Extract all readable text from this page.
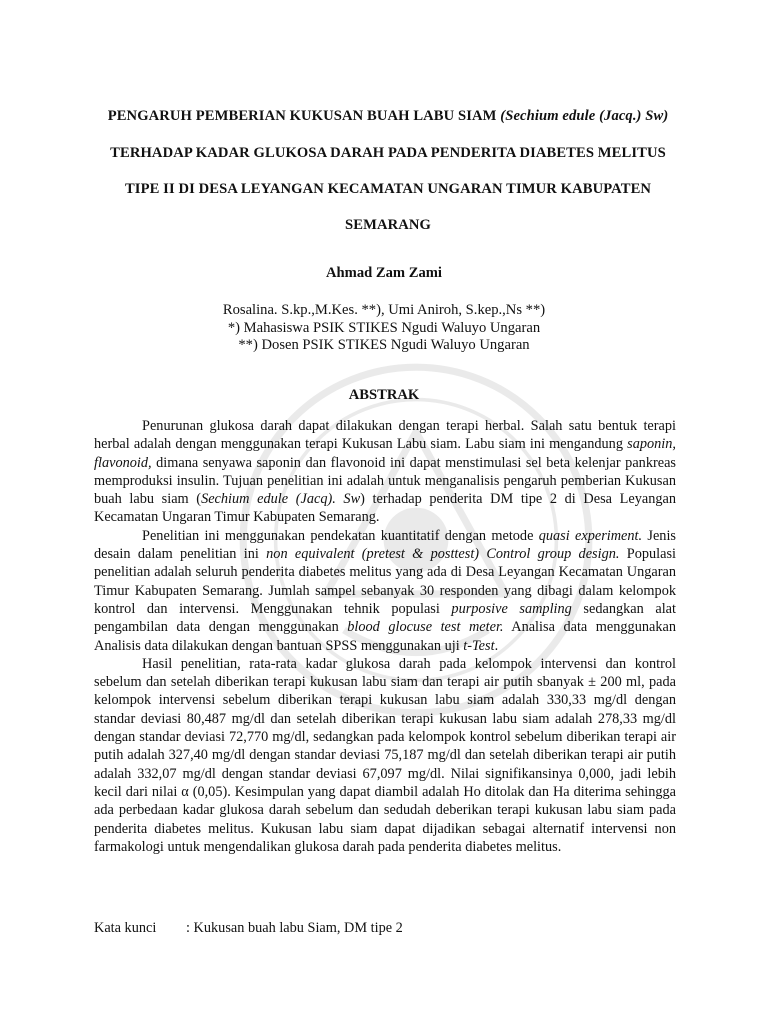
PENGARUH PEMBERIAN KUKUSAN BUAH LABU SIAM (Sechium edule (Jacq.) Sw)
TERHADAP KADAR GLUKOSA DARAH PADA PENDERITA DIABETES MELITUS
TIPE II DI DESA LEYANGAN KECAMATAN UNGARAN TIMUR KABUPATEN
SEMARANG
Ahmad Zam Zami
Rosalina. S.kp.,M.Kes. **), Umi Aniroh, S.kep.,Ns **)
*) Mahasiswa PSIK STIKES Ngudi Waluyo Ungaran
**) Dosen PSIK STIKES Ngudi Waluyo Ungaran
ABSTRAK

Penurunan glukosa darah dapat dilakukan dengan terapi herbal. Salah satu bentuk terapi herbal adalah dengan menggunakan terapi Kukusan Labu siam. Labu siam ini mengandung saponin, flavonoid, dimana senyawa saponin dan flavonoid ini dapat menstimulasi sel beta kelenjar pankreas memproduksi insulin. Tujuan penelitian ini adalah untuk menganalisis pengaruh pemberian Kukusan buah labu siam (Sechium edule (Jacq). Sw) terhadap penderita DM tipe 2 di Desa Leyangan Kecamatan Ungaran Timur Kabupaten Semarang.

Penelitian ini menggunakan pendekatan kuantitatif dengan metode quasi experiment. Jenis desain dalam penelitian ini non equivalent (pretest & posttest) Control group design. Populasi penelitian adalah seluruh penderita diabetes melitus yang ada di Desa Leyangan Kecamatan Ungaran Timur Kabupaten Semarang. Jumlah sampel sebanyak 30 responden yang dibagi dalam kelompok kontrol dan intervensi. Menggunakan tehnik populasi purposive sampling sedangkan alat pengambilan data dengan menggunakan blood glocuse test meter. Analisa data menggunakan Analisis data dilakukan dengan bantuan SPSS menggunakan uji t-Test.

Hasil penelitian, rata-rata kadar glukosa darah pada kelompok intervensi dan kontrol sebelum dan setelah diberikan terapi kukusan labu siam dan terapi air putih sbanyak ± 200 ml, pada kelompok intervensi sebelum diberikan terapi kukusan labu siam adalah 330,33 mg/dl dengan standar deviasi 80,487 mg/dl dan setelah diberikan terapi kukusan labu siam adalah 278,33 mg/dl dengan standar deviasi 72,770 mg/dl, sedangkan pada kelompok kontrol sebelum diberikan terapi air putih adalah 327,40 mg/dl dengan standar deviasi 75,187 mg/dl dan setelah diberikan terapi air putih adalah 332,07 mg/dl dengan standar deviasi 67,097 mg/dl. Nilai signifikansinya 0,000, jadi lebih kecil dari nilai α (0,05). Kesimpulan yang dapat diambil adalah Ho ditolak dan Ha diterima sehingga ada perbedaan kadar glukosa darah sebelum dan sedudah deberikan terapi kukusan labu siam pada penderita diabetes melitus. Kukusan labu siam dapat dijadikan sebagai alternatif intervensi non farmakologi untuk mengendalikan glukosa darah pada penderita diabetes melitus.

Kata kunci : Kukusan buah labu Siam, DM tipe 2
